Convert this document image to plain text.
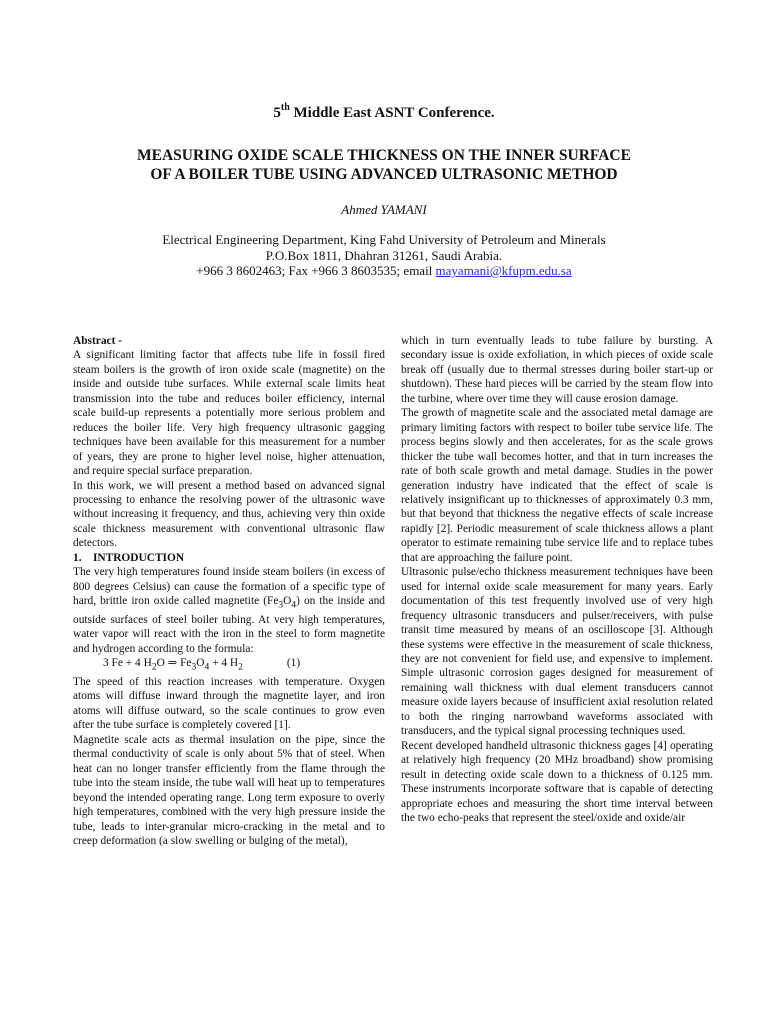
5th Middle East ASNT Conference.

MEASURING OXIDE SCALE THICKNESS ON THE INNER SURFACE
OF A BOILER TUBE USING ADVANCED ULTRASONIC METHOD

Ahmed YAMANI

Electrical Engineering Department, King Fahd University of Petroleum and Minerals
P.O.Box 1811, Dhahran 31261, Saudi Arabia.
+966 3 8602463; Fax +966 3 8603535; email mayamani@kfupm.edu.sa

Abstract -

A significant limiting factor that affects tube life in fossil fired steam boilers is the growth of iron oxide scale (magnetite) on the inside and outside tube surfaces. While external scale limits heat transmission into the tube and reduces boiler efficiency, internal scale build-up represents a potentially more serious problem and reduces the boiler life. Very high frequency ultrasonic gagging techniques have been available for this measurement for a number of years, they are prone to higher level noise, higher attenuation, and require special surface preparation.

In this work, we will present a method based on advanced signal processing to enhance the resolving power of the ultrasonic wave without increasing it frequency, and thus, achieving very thin oxide scale thickness measurement with conventional ultrasonic flaw detectors.

1. INTRODUCTION

The very high temperatures found inside steam boilers (in excess of 800 degrees Celsius) can cause the formation of a specific type of hard, brittle iron oxide called magnetite $(Fe_3O_4)$ on the inside and outside surfaces of steel boiler tubing. At very high temperatures, water vapor will react with the iron in the steel to form magnetite and hydrogen according to the formula:

3 Fe + 4 $H_2O$ ⇒ $Fe_3O_4 + 4$ $H_2$	(1)

The speed of this reaction increases with temperature. Oxygen atoms will diffuse inward through the magnetite layer, and iron atoms will diffuse outward, so the scale continues to grow even after the tube surface is completely covered [1].

Magnetite scale acts as thermal insulation on the pipe, since the thermal conductivity of scale is only about 5% that of steel. When heat can no longer transfer efficiently from the flame through the tube into the steam inside, the tube wall will heat up to temperatures beyond the intended operating range. Long term exposure to overly high temperatures, combined with the very high pressure inside the tube, leads to inter-granular micro-cracking in the metal and to creep deformation (a slow swelling or bulging of the metal),

which in turn eventually leads to tube failure by bursting. A secondary issue is oxide exfoliation, in which pieces of oxide scale break off (usually due to thermal stresses during boiler start-up or shutdown). These hard pieces will be carried by the steam flow into the turbine, where over time they will cause erosion damage.

The growth of magnetite scale and the associated metal damage are primary limiting factors with respect to boiler tube service life. The process begins slowly and then accelerates, for as the scale grows thicker the tube wall becomes hotter, and that in turn increases the rate of both scale growth and metal damage. Studies in the power generation industry have indicated that the effect of scale is relatively insignificant up to thicknesses of approximately 0.3 mm, but that beyond that thickness the negative effects of scale increase rapidly [2]. Periodic measurement of scale thickness allows a plant operator to estimate remaining tube service life and to replace tubes that are approaching the failure point.

Ultrasonic pulse/echo thickness measurement techniques have been used for internal oxide scale measurement for many years. Early documentation of this test frequently involved use of very high frequency ultrasonic transducers and pulser/receivers, with pulse transit time measured by means of an oscilloscope [3]. Although these systems were effective in the measurement of scale thickness, they are not convenient for field use, and expensive to implement. Simple ultrasonic corrosion gages designed for measurement of remaining wall thickness with dual element transducers cannot measure oxide layers because of insufficient axial resolution related to both the ringing narrowband waveforms associated with transducers, and the typical signal processing techniques used.

Recent developed handheld ultrasonic thickness gages [4] operating at relatively high frequency (20 MHz broadband) show promising result in detecting oxide scale down to a thickness of 0.125 mm. These instruments incorporate software that is capable of detecting appropriate echoes and measuring the short time interval between the two echo-peaks that represent the steel/oxide and oxide/air
